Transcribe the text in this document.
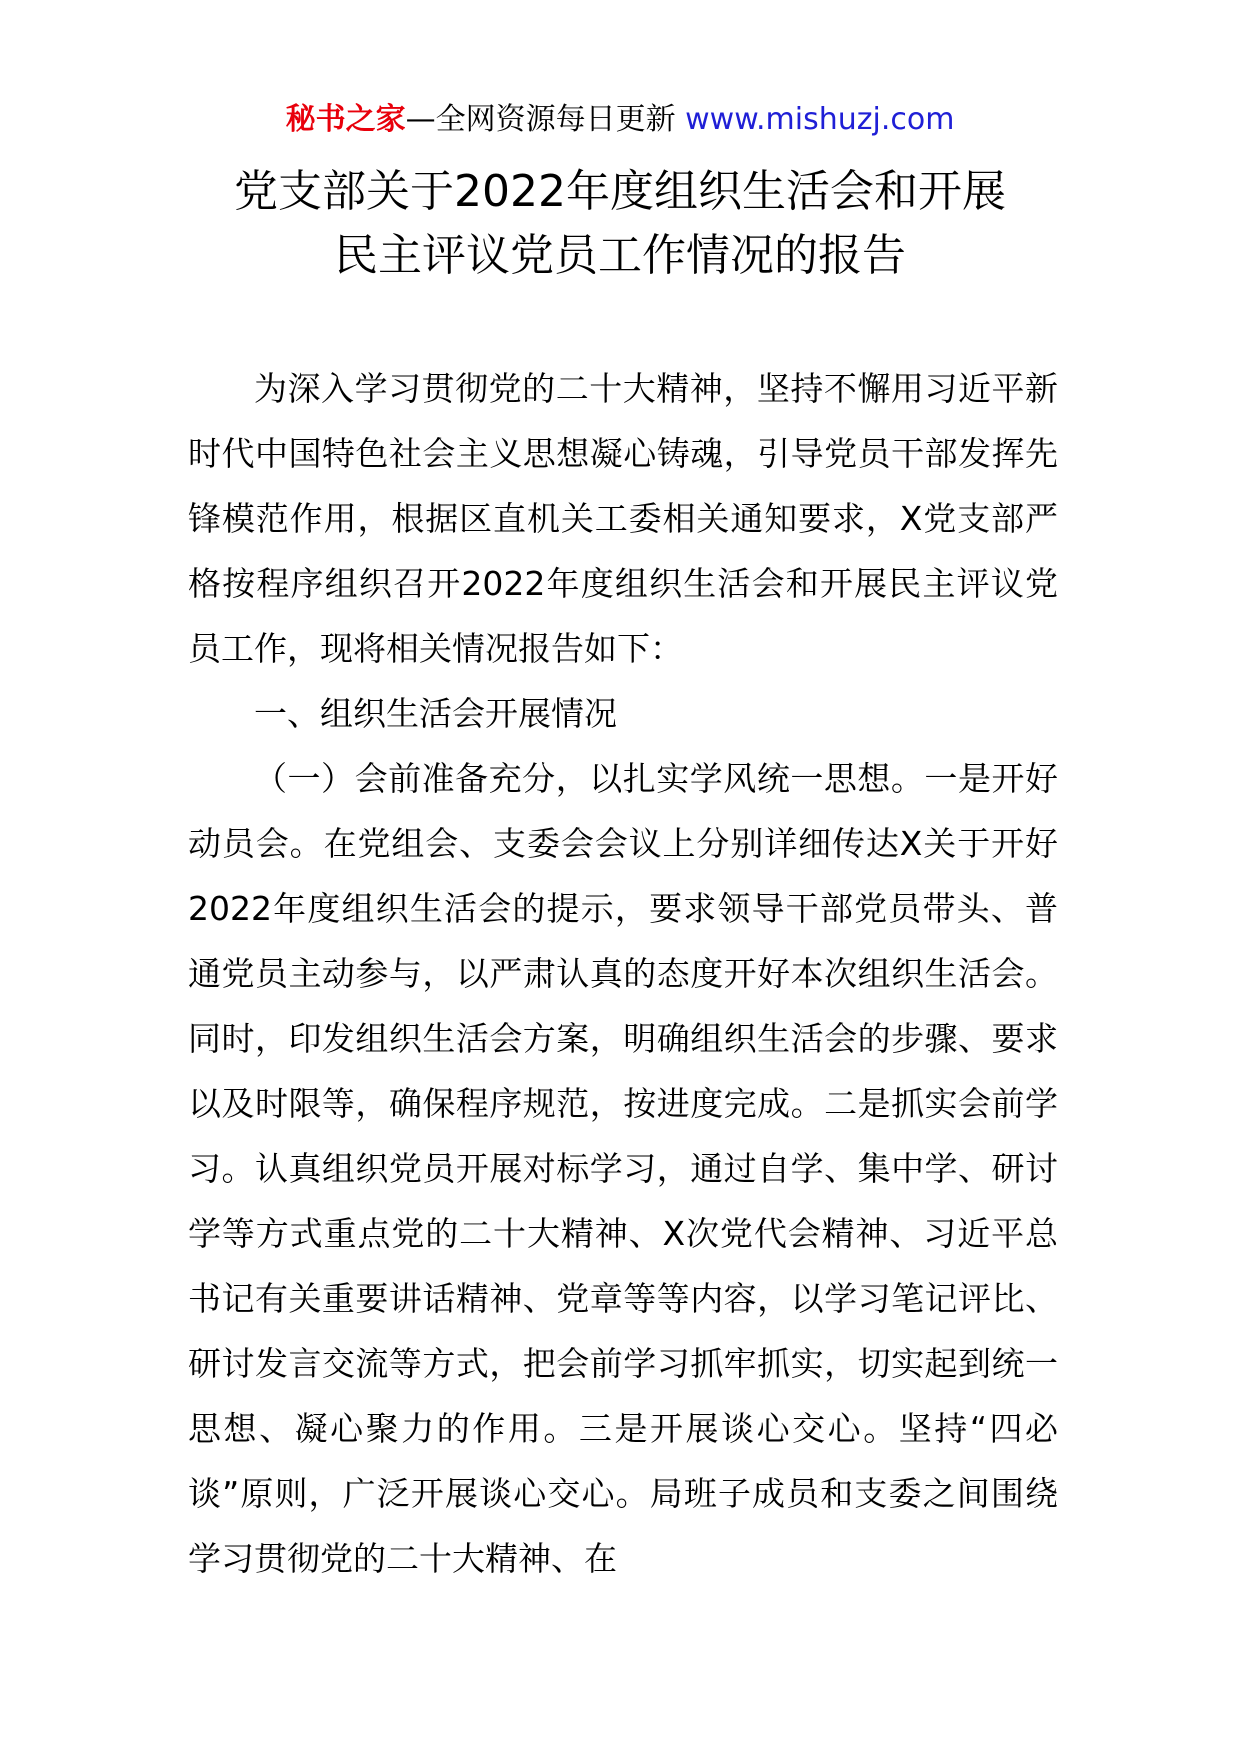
秘书之家—全网资源每日更新 www.mishuzj.com
党支部关于2022年度组织生活会和开展
民主评议党员工作情况的报告

为深入学习贯彻党的二十大精神，坚持不懈用习近平新时代中国特色社会主义思想凝心铸魂，引导党员干部发挥先锋模范作用，根据区直机关工委相关通知要求，X党支部严格按程序组织召开2022年度组织生活会和开展民主评议党员工作，现将相关情况报告如下：

一、组织生活会开展情况

（一）会前准备充分，以扎实学风统一思想。一是开好动员会。在党组会、支委会会议上分别详细传达X关于开好2022年度组织生活会的提示，要求领导干部党员带头、普通党员主动参与，以严肃认真的态度开好本次组织生活会。同时，印发组织生活会方案，明确组织生活会的步骤、要求以及时限等，确保程序规范，按进度完成。二是抓实会前学习。认真组织党员开展对标学习，通过自学、集中学、研讨学等方式重点党的二十大精神、X次党代会精神、习近平总书记有关重要讲话精神、党章等等内容，以学习笔记评比、研讨发言交流等方式，把会前学习抓牢抓实，切实起到统一思想、凝心聚力的作用。三是开展谈心交心。坚持“四必谈”原则，广泛开展谈心交心。局班子成员和支委之间围绕学习贯彻党的二十大精神、在
